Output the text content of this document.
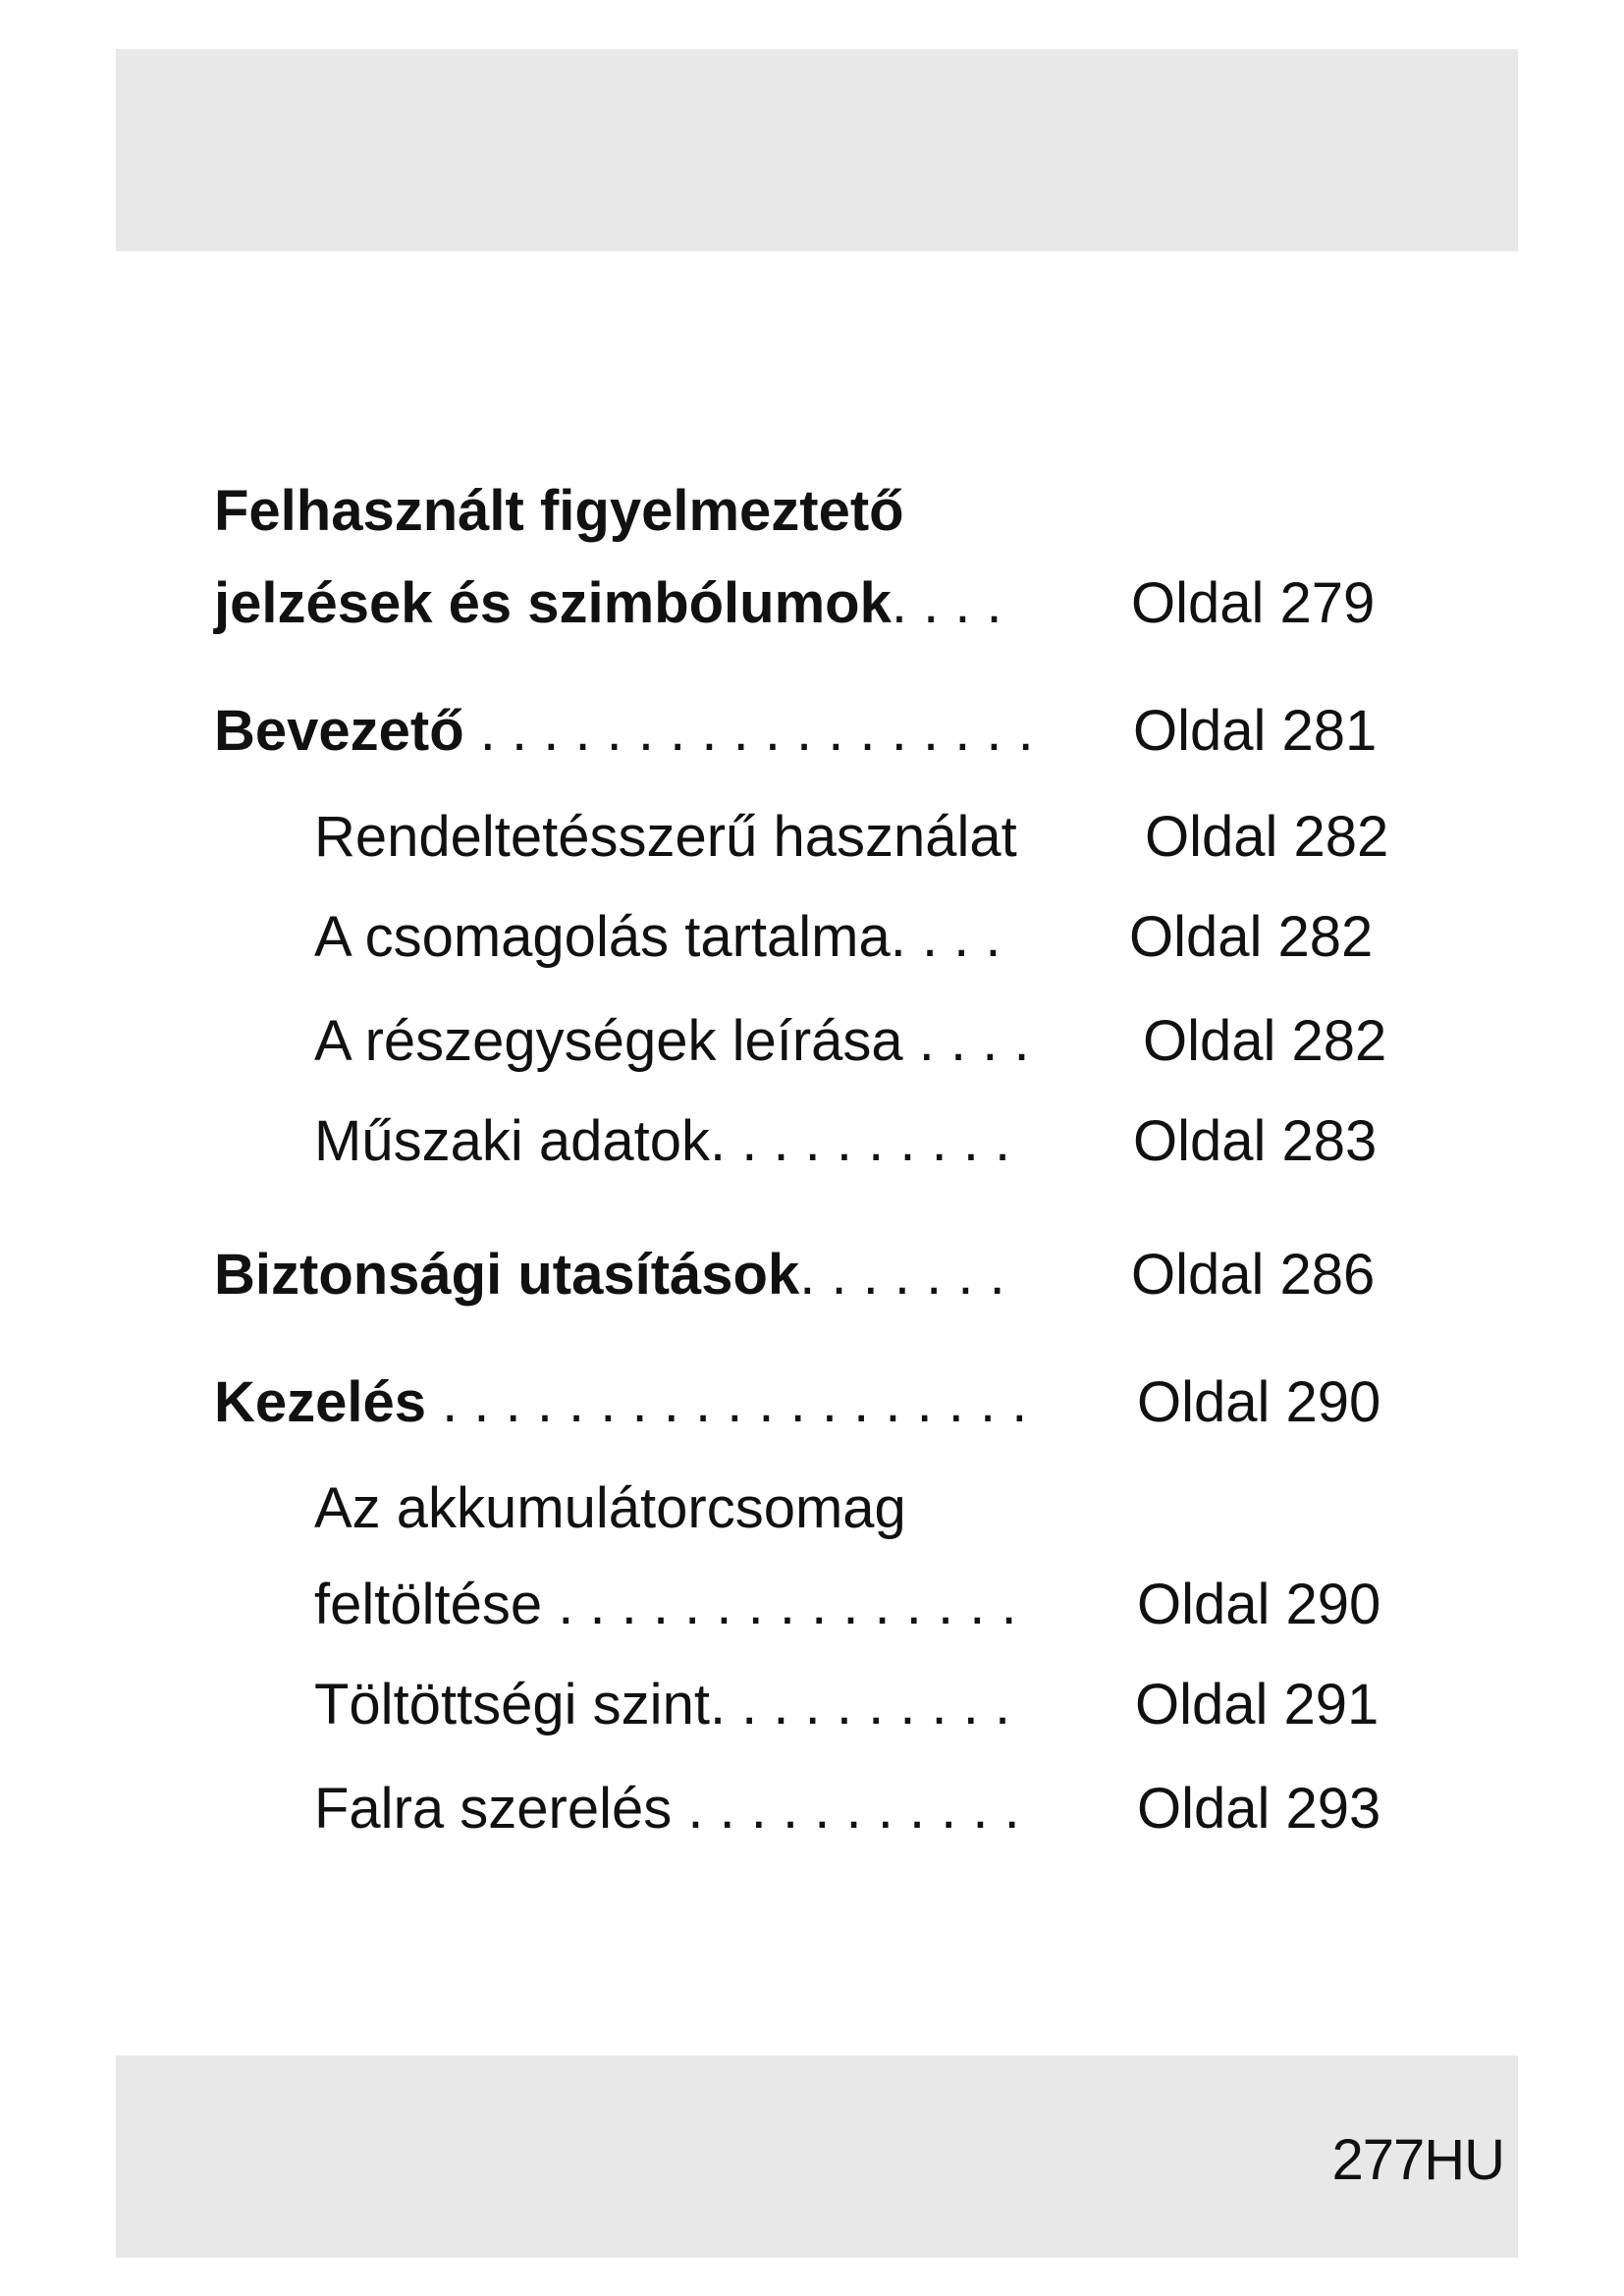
Felhasznált figyelmeztető
jelzések és szimbólumok. . . . Oldal 279
Bevezető . . . . . . . . . . . . . . . . . . Oldal 281
Rendeltetésszerű használat Oldal 282
A csomagolás tartalma. . . . Oldal 282
A részegységek leírása . . . . Oldal 282
Műszaki adatok. . . . . . . . . . Oldal 283
Biztonsági utasítások. . . . . . . Oldal 286
Kezelés . . . . . . . . . . . . . . . . . . . Oldal 290
Az akkumulátorcsomag
feltöltése . . . . . . . . . . . . . . . Oldal 290
Töltöttségi szint. . . . . . . . . . Oldal 291
Falra szerelés . . . . . . . . . . . Oldal 293
277HU
